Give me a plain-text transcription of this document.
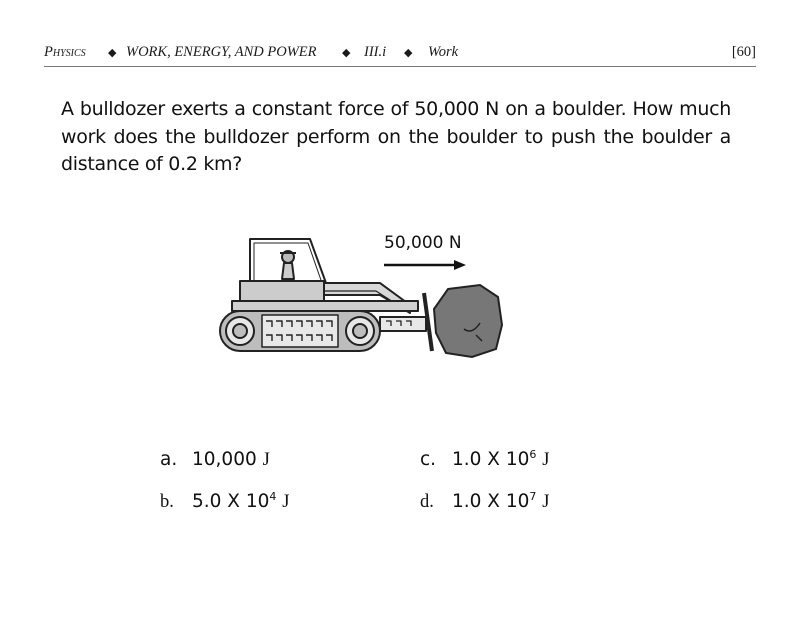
Physics ◆ WORK, ENERGY, AND POWER ◆ III.i ◆ Work	[60]
A bulldozer exerts a constant force of 50,000 N on a boulder. How much work does the bulldozer perform on the boulder to push the boulder a distance of 0.2 km?
50,000 N
a. 10,000 J
b. 5.0 X $10^4$ J
c. 1.0 X $10^6$ J
d. 1.0 X $10^7$ J
